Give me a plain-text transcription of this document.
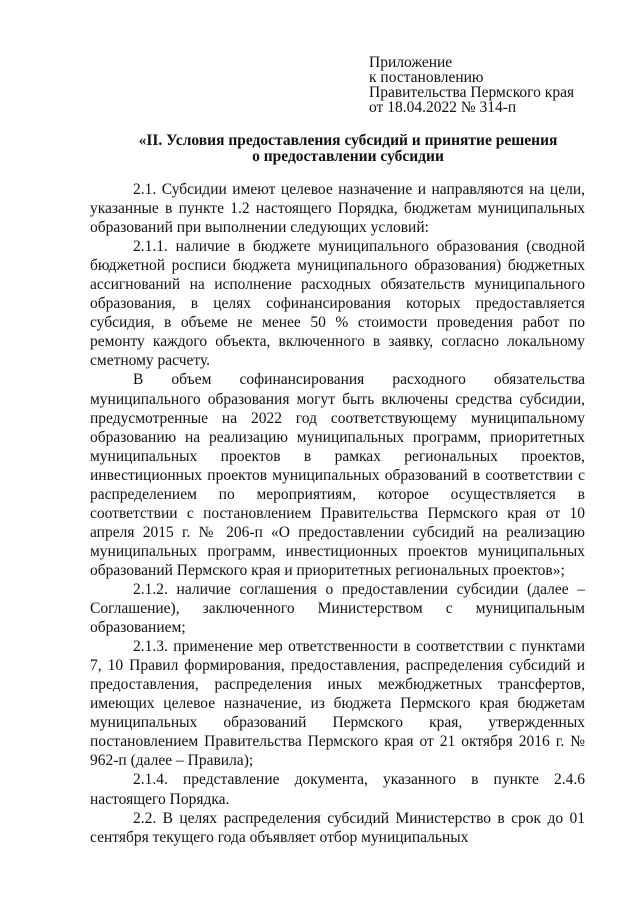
Приложение
к постановлению
Правительства Пермского края
от 18.04.2022 № 314-п
«II. Условия предоставления субсидий и принятие решения
о предоставлении субсидии

2.1. Субсидии имеют целевое назначение и направляются на цели, указанные в пункте 1.2 настоящего Порядка, бюджетам муниципальных образований при выполнении следующих условий:

2.1.1. наличие в бюджете муниципального образования (сводной бюджетной росписи бюджета муниципального образования) бюджетных ассигнований на исполнение расходных обязательств муниципального образования, в целях софинансирования которых предоставляется субсидия, в объеме не менее 50 % стоимости проведения работ по ремонту каждого объекта, включенного в заявку, согласно локальному сметному расчету.

В объем софинансирования расходного обязательства муниципального образования могут быть включены средства субсидии, предусмотренные на 2022 год соответствующему муниципальному образованию на реализацию муниципальных программ, приоритетных муниципальных проектов в рамках региональных проектов, инвестиционных проектов муниципальных образований в соответствии с распределением по мероприятиям, которое осуществляется в соответствии с постановлением Правительства Пермского края от 10 апреля 2015 г. № 206-п «О предоставлении субсидий на реализацию муниципальных программ, инвестиционных проектов муниципальных образований Пермского края и приоритетных региональных проектов»;

2.1.2. наличие соглашения о предоставлении субсидии (далее – Соглашение), заключенного Министерством с муниципальным образованием;

2.1.3. применение мер ответственности в соответствии с пунктами 7, 10 Правил формирования, предоставления, распределения субсидий и предоставления, распределения иных межбюджетных трансфертов, имеющих целевое назначение, из бюджета Пермского края бюджетам муниципальных образований Пермского края, утвержденных постановлением Правительства Пермского края от 21 октября 2016 г. № 962-п (далее – Правила);

2.1.4. представление документа, указанного в пункте 2.4.6 настоящего Порядка.

2.2. В целях распределения субсидий Министерство в срок до 01 сентября текущего года объявляет отбор муниципальных
